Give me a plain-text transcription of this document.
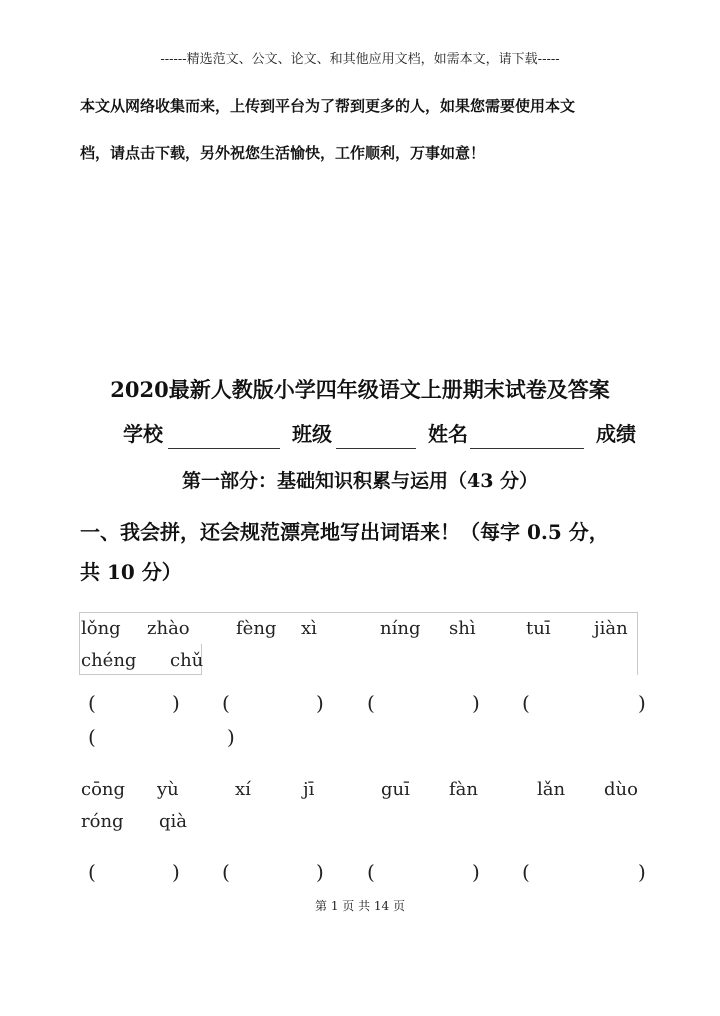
------精选范文、公文、论文、和其他应用文档，如需本文，请下载-----
本文从网络收集而来，上传到平台为了帮到更多的人，如果您需要使用本文
档，请点击下载，另外祝您生活愉快，工作顺利，万事如意！
2020最新人教版小学四年级语文上册期末试卷及答案
学校	班级	姓名	成绩
第一部分：基础知识积累与运用（43 分）
一、我会拼，还会规范漂亮地写出词语来！（每字 0.5 分，
共 10 分）
lǒng zhào	fèng xì	níng shì	tuī jiàn
chéng chǔ
(	) (	) (	) (	)
(	)
cōng yù	xí	jī	guī fàn	lǎn dùo
róng qià
(	) (	) (	) (	)
第 1 页 共 14 页
